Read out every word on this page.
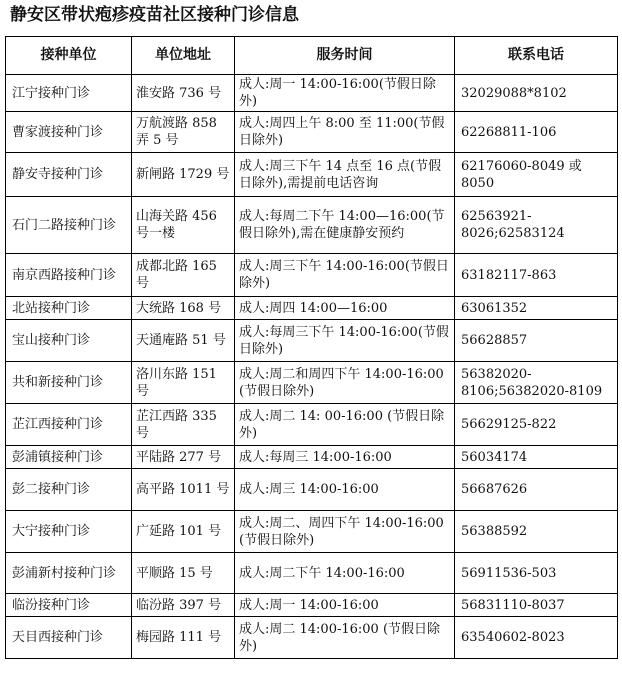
静安区带状疱疹疫苗社区接种门诊信息
接种单位	单位地址	服务时间	联系电话
江宁接种门诊	淮安路 736 号	成人:周一 14:00-16:00(节假日除外)	32029088*8102
曹家渡接种门诊	万航渡路 858 弄 5 号	成人:周四上午 8:00 至 11:00(节假日除外)	62268811-106
静安寺接种门诊	新闸路 1729 号	成人:周三下午 14 点至 16 点(节假日除外),需提前电话咨询	62176060-8049 或 8050
石门二路接种门诊	山海关路 456 号一楼	成人:每周二下午 14:00—16:00(节假日除外),需在健康静安预约	62563921-8026;62583124
南京西路接种门诊	成都北路 165 号	成人:周三下午 14:00-16:00(节假日除外)	63182117-863
北站接种门诊	大统路 168 号	成人:周四 14:00—16:00	63061352
宝山接种门诊	天通庵路 51 号	成人:每周三下午 14:00-16:00(节假日除外)	56628857
共和新接种门诊	洛川东路 151 号	成人:周二和周四下午 14:00-16:00 (节假日除外)	56382020-8106;56382020-8109
芷江西接种门诊	芷江西路 335 号	成人:周二 14: 00-16:00 (节假日除外)	56629125-822
彭浦镇接种门诊	平陆路 277 号	成人:每周三 14:00-16:00	56034174
彭二接种门诊	高平路 1011 号	成人:周三 14:00-16:00	56687626
大宁接种门诊	广延路 101 号	成人:周二、周四下午 14:00-16:00 (节假日除外)	56388592
彭浦新村接种门诊	平顺路 15 号	成人:周二下午 14:00-16:00	56911536-503
临汾接种门诊	临汾路 397 号	成人:周一 14:00-16:00	56831110-8037
天目西接种门诊	梅园路 111 号	成人:周二 14:00-16:00 (节假日除外)	63540602-8023
